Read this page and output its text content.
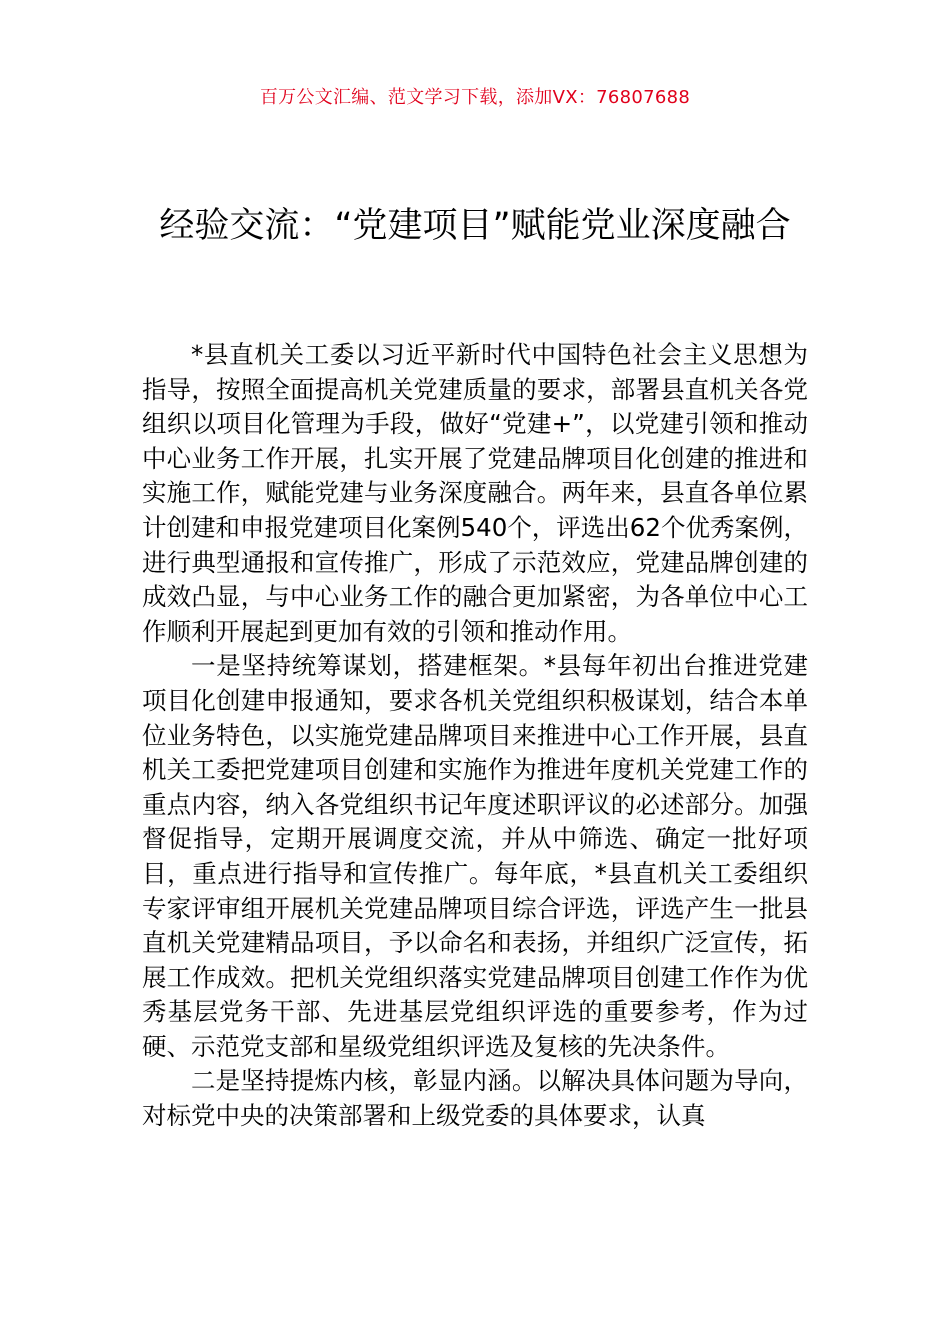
百万公文汇编、范文学习下载，添加VX：76807688
经验交流：“党建项目”赋能党业深度融合

*县直机关工委以习近平新时代中国特色社会主义思想为指导，按照全面提高机关党建质量的要求，部署县直机关各党组织以项目化管理为手段，做好“党建+”，以党建引领和推动中心业务工作开展，扎实开展了党建品牌项目化创建的推进和实施工作，赋能党建与业务深度融合。两年来，县直各单位累计创建和申报党建项目化案例540个，评选出62个优秀案例，进行典型通报和宣传推广，形成了示范效应，党建品牌创建的成效凸显，与中心业务工作的融合更加紧密，为各单位中心工作顺利开展起到更加有效的引领和推动作用。

一是坚持统筹谋划，搭建框架。*县每年初出台推进党建项目化创建申报通知，要求各机关党组织积极谋划，结合本单位业务特色，以实施党建品牌项目来推进中心工作开展，县直机关工委把党建项目创建和实施作为推进年度机关党建工作的重点内容，纳入各党组织书记年度述职评议的必述部分。加强督促指导，定期开展调度交流，并从中筛选、确定一批好项目，重点进行指导和宣传推广。每年底，*县直机关工委组织专家评审组开展机关党建品牌项目综合评选，评选产生一批县直机关党建精品项目，予以命名和表扬，并组织广泛宣传，拓展工作成效。把机关党组织落实党建品牌项目创建工作作为优秀基层党务干部、先进基层党组织评选的重要参考，作为过硬、示范党支部和星级党组织评选及复核的先决条件。

二是坚持提炼内核，彰显内涵。以解决具体问题为导向，对标党中央的决策部署和上级党委的具体要求，认真
